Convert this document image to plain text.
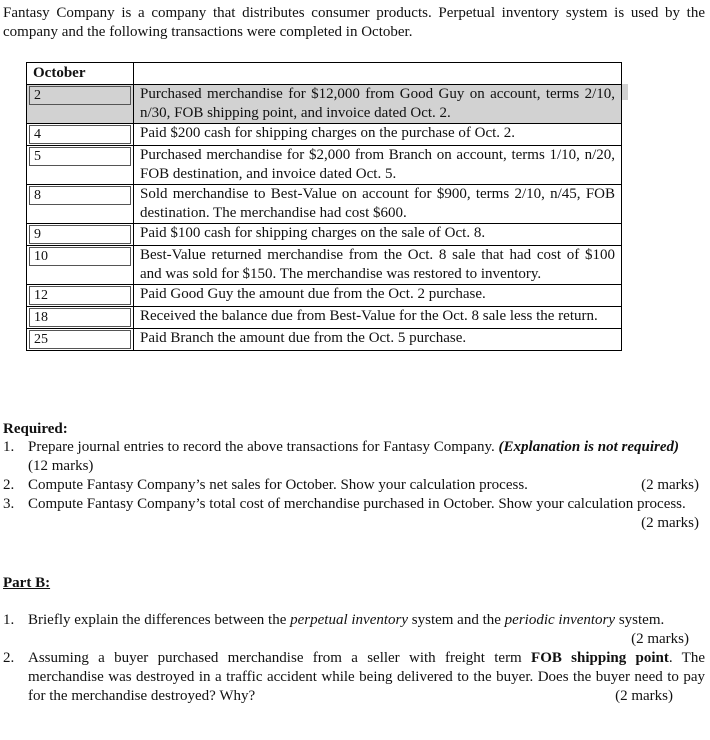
Fantasy Company is a company that distributes consumer products. Perpetual inventory system is used by the company and the following transactions were completed in October.
October	

2	Purchased merchandise for $12,000 from Good Guy on account, terms 2/10, n/30, FOB shipping point, and invoice dated Oct. 2.

4	Paid $200 cash for shipping charges on the purchase of Oct. 2.

5	Purchased merchandise for $2,000 from Branch on account, terms 1/10, n/20, FOB destination, and invoice dated Oct. 5.

8	Sold merchandise to Best-Value on account for $900, terms 2/10, n/45, FOB destination. The merchandise had cost $600.

9	Paid $100 cash for shipping charges on the sale of Oct. 8.

10	Best-Value returned merchandise from the Oct. 8 sale that had cost of $100 and was sold for $150. The merchandise was restored to inventory.

12	Paid Good Guy the amount due from the Oct. 2 purchase.

18	Received the balance due from Best-Value for the Oct. 8 sale less the return.

25	Paid Branch the amount due from the Oct. 5 purchase.
Required:
1. Prepare journal entries to record the above transactions for Fantasy Company. (Explanation is not required)
(12 marks)
2. Compute Fantasy Company’s net sales for October. Show your calculation process.	(2 marks)
3. Compute Fantasy Company’s total cost of merchandise purchased in October. Show your calculation process.
(2 marks)
Part B:
1. Briefly explain the differences between the perpetual inventory system and the periodic inventory system.
(2 marks)
2. Assuming a buyer purchased merchandise from a seller with freight term FOB shipping point. The merchandise was destroyed in a traffic accident while being delivered to the buyer. Does the buyer need to pay for the merchandise destroyed? Why?	(2 marks)
